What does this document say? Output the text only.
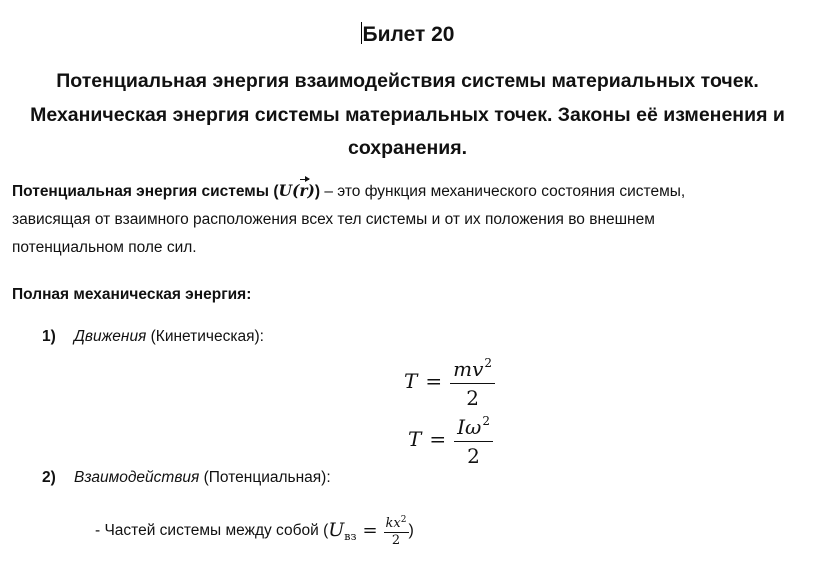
Билет 20
Потенциальная энергия взаимодействия системы материальных точек.
Механическая энергия системы материальных точек. Законы её изменения и
сохранения.
Потенциальная энергия системы (U(r)) – это функция механического состояния системы,
зависящая от взаимного расположения всех тел системы и от их положения во внешнем
потенциальном поле сил.
Полная механическая энергия:
1) Движения (Кинетическая):
$T = \frac{mv^2}{2}$
$T = \frac{I\omega^2}{2}$
2) Взаимодействия (Потенциальная):
- Частей системы между собой ( $U_{вз} = \frac{kx^2}{2}$ )
